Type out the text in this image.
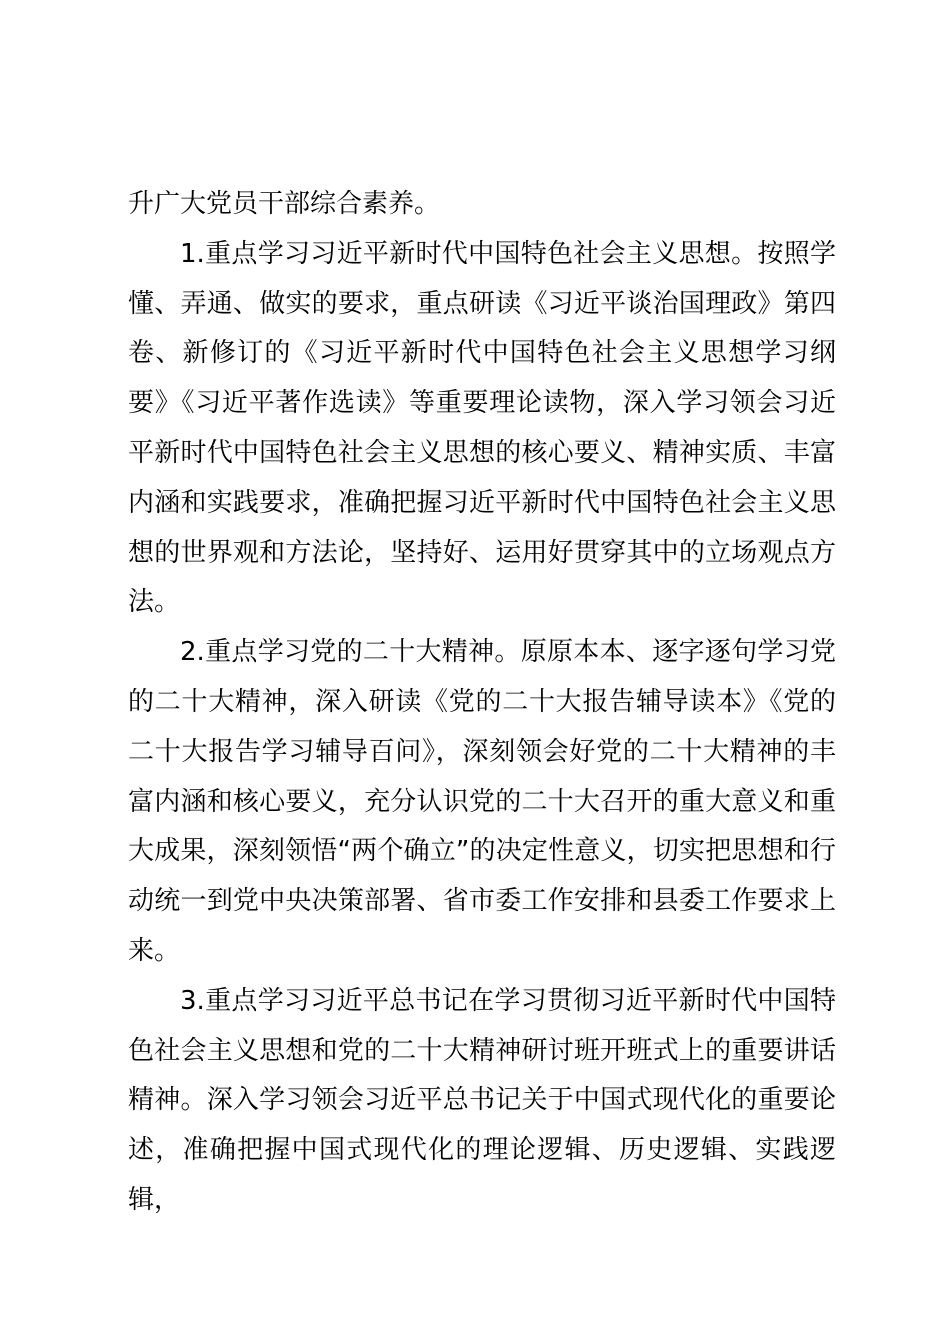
升广大党员干部综合素养。

1.重点学习习近平新时代中国特色社会主义思想。按照学懂、弄通、做实的要求，重点研读《习近平谈治国理政》第四卷、新修订的《习近平新时代中国特色社会主义思想学习纲要》《习近平著作选读》等重要理论读物，深入学习领会习近平新时代中国特色社会主义思想的核心要义、精神实质、丰富内涵和实践要求，准确把握习近平新时代中国特色社会主义思想的世界观和方法论，坚持好、运用好贯穿其中的立场观点方法。

2.重点学习党的二十大精神。原原本本、逐字逐句学习党的二十大精神，深入研读《党的二十大报告辅导读本》《党的二十大报告学习辅导百问》，深刻领会好党的二十大精神的丰富内涵和核心要义，充分认识党的二十大召开的重大意义和重大成果，深刻领悟“两个确立”的决定性意义，切实把思想和行动统一到党中央决策部署、省市委工作安排和县委工作要求上来。

3.重点学习习近平总书记在学习贯彻习近平新时代中国特色社会主义思想和党的二十大精神研讨班开班式上的重要讲话精神。深入学习领会习近平总书记关于中国式现代化的重要论述，准确把握中国式现代化的理论逻辑、历史逻辑、实践逻辑，
